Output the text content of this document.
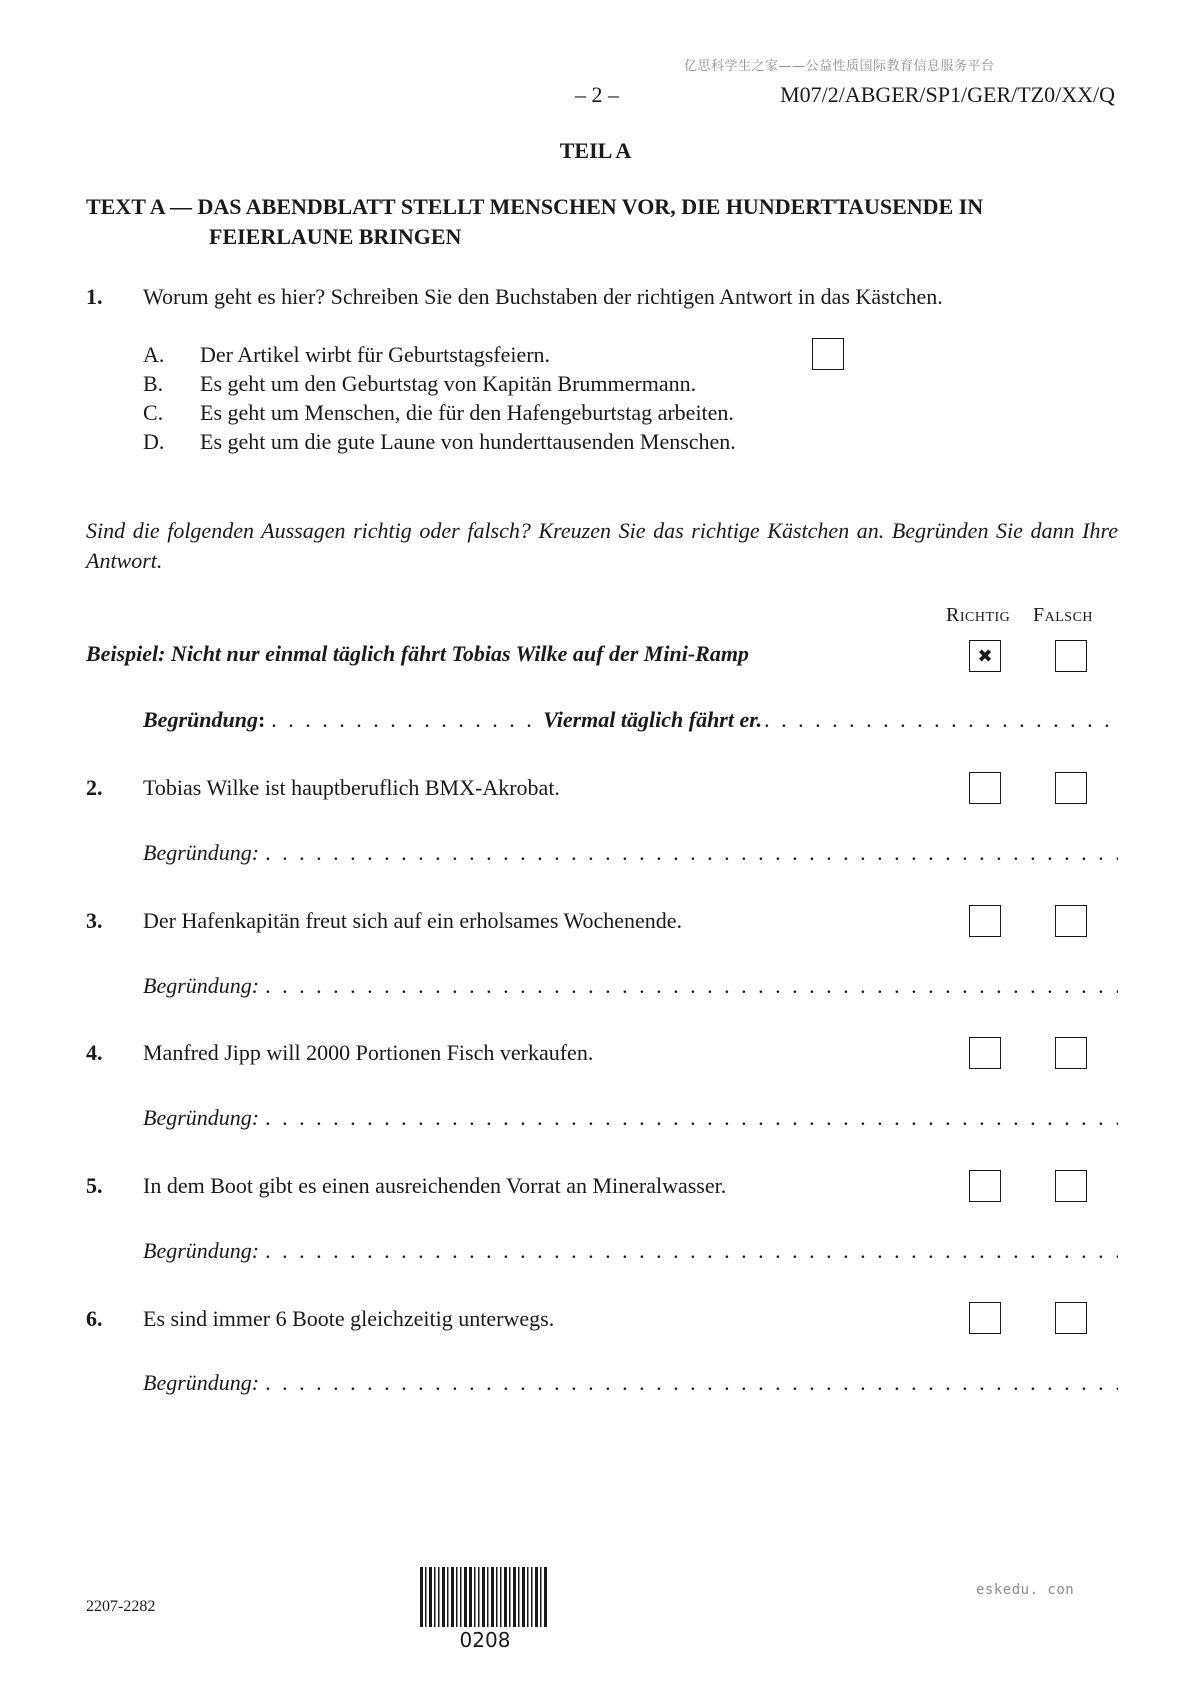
亿思科学生之家——公益性质国际教育信息服务平台
– 2 –	M07/2/ABGER/SP1/GER/TZ0/XX/Q
TEIL A
TEXT A — DAS ABENDBLATT STELLT MENSCHEN VOR, DIE HUNDERTTAUSENDE IN
FEIERLAUNE BRINGEN
1. Worum geht es hier? Schreiben Sie den Buchstaben der richtigen Antwort in das Kästchen.
A. Der Artikel wirbt für Geburtstagsfeiern.
B. Es geht um den Geburtstag von Kapitän Brummermann.
C. Es geht um Menschen, die für den Hafengeburtstag arbeiten.
D. Es geht um die gute Laune von hunderttausenden Menschen.
Sind die folgenden Aussagen richtig oder falsch? Kreuzen Sie das richtige Kästchen an. Begründen Sie dann Ihre Antwort.
Richtig Falsch
Beispiel: Nicht nur einmal täglich fährt Tobias Wilke auf der Mini-Ramp	✖
Begründung :
. . .	Viermal täglich fährt er.
. . .
2. Tobias Wilke ist hauptberuflich BMX-Akrobat.
Begründung:
. . .
3. Der Hafenkapitän freut sich auf ein erholsames Wochenende.
Begründung:
. . .
4. Manfred Jipp will 2000 Portionen Fisch verkaufen.
Begründung:
. . .
5. In dem Boot gibt es einen ausreichenden Vorrat an Mineralwasser.
Begründung:
. . .
6. Es sind immer 6 Boote gleichzeitig unterwegs.
Begründung:
. . .
2207-2282
0208
eskedu. con
